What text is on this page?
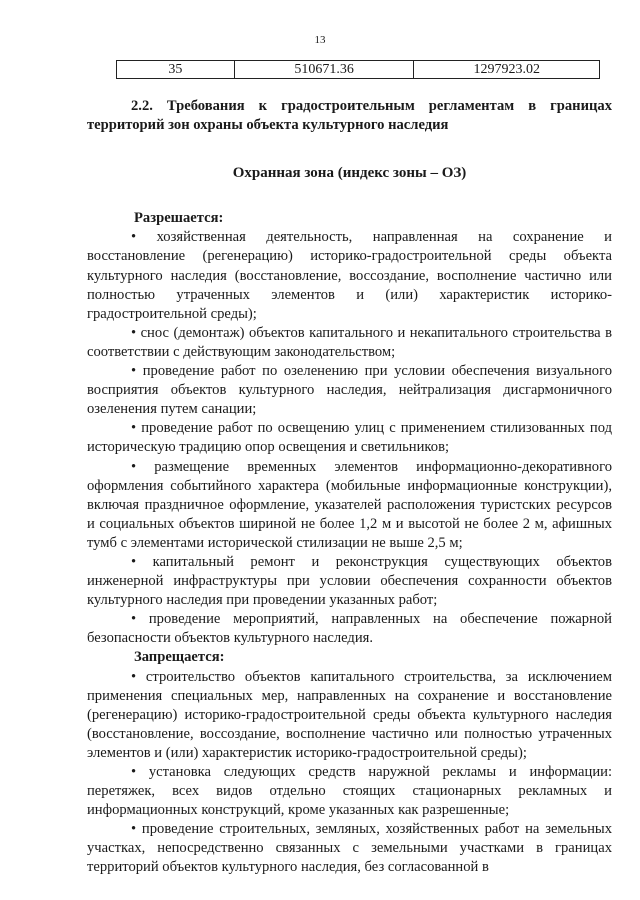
13
35	510671.36	1297923.02

2.2. Требования к градостроительным регламентам в границах территорий зон охраны объекта культурного наследия

Охранная зона (индекс зоны – ОЗ)

Разрешается:

• хозяйственная деятельность, направленная на сохранение и восстановление (регенерацию) историко-градостроительной среды объекта культурного наследия (восстановление, воссоздание, восполнение частично или полностью утраченных элементов и (или) характеристик историко-градостроительной среды);

• снос (демонтаж) объектов капитального и некапитального строительства в соответствии с действующим законодательством;

• проведение работ по озеленению при условии обеспечения визуального восприятия объектов культурного наследия, нейтрализация дисгармоничного озеленения путем санации;

• проведение работ по освещению улиц с применением стилизованных под историческую традицию опор освещения и светильников;

• размещение временных элементов информационно-декоративного оформления событийного характера (мобильные информационные конструкции), включая праздничное оформление, указателей расположения туристских ресурсов и социальных объектов шириной не более 1,2 м и высотой не более 2 м, афишных тумб с элементами исторической стилизации не выше 2,5 м;

• капитальный ремонт и реконструкция существующих объектов инженерной инфраструктуры при условии обеспечения сохранности объектов культурного наследия при проведении указанных работ;

• проведение мероприятий, направленных на обеспечение пожарной безопасности объектов культурного наследия.

Запрещается:

• строительство объектов капитального строительства, за исключением применения специальных мер, направленных на сохранение и восстановление (регенерацию) историко-градостроительной среды объекта культурного наследия (восстановление, воссоздание, восполнение частично или полностью утраченных элементов и (или) характеристик историко-градостроительной среды);

• установка следующих средств наружной рекламы и информации: перетяжек, всех видов отдельно стоящих стационарных рекламных и информационных конструкций, кроме указанных как разрешенные;

• проведение строительных, земляных, хозяйственных работ на земельных участках, непосредственно связанных с земельными участками в границах территорий объектов культурного наследия, без согласованной в
